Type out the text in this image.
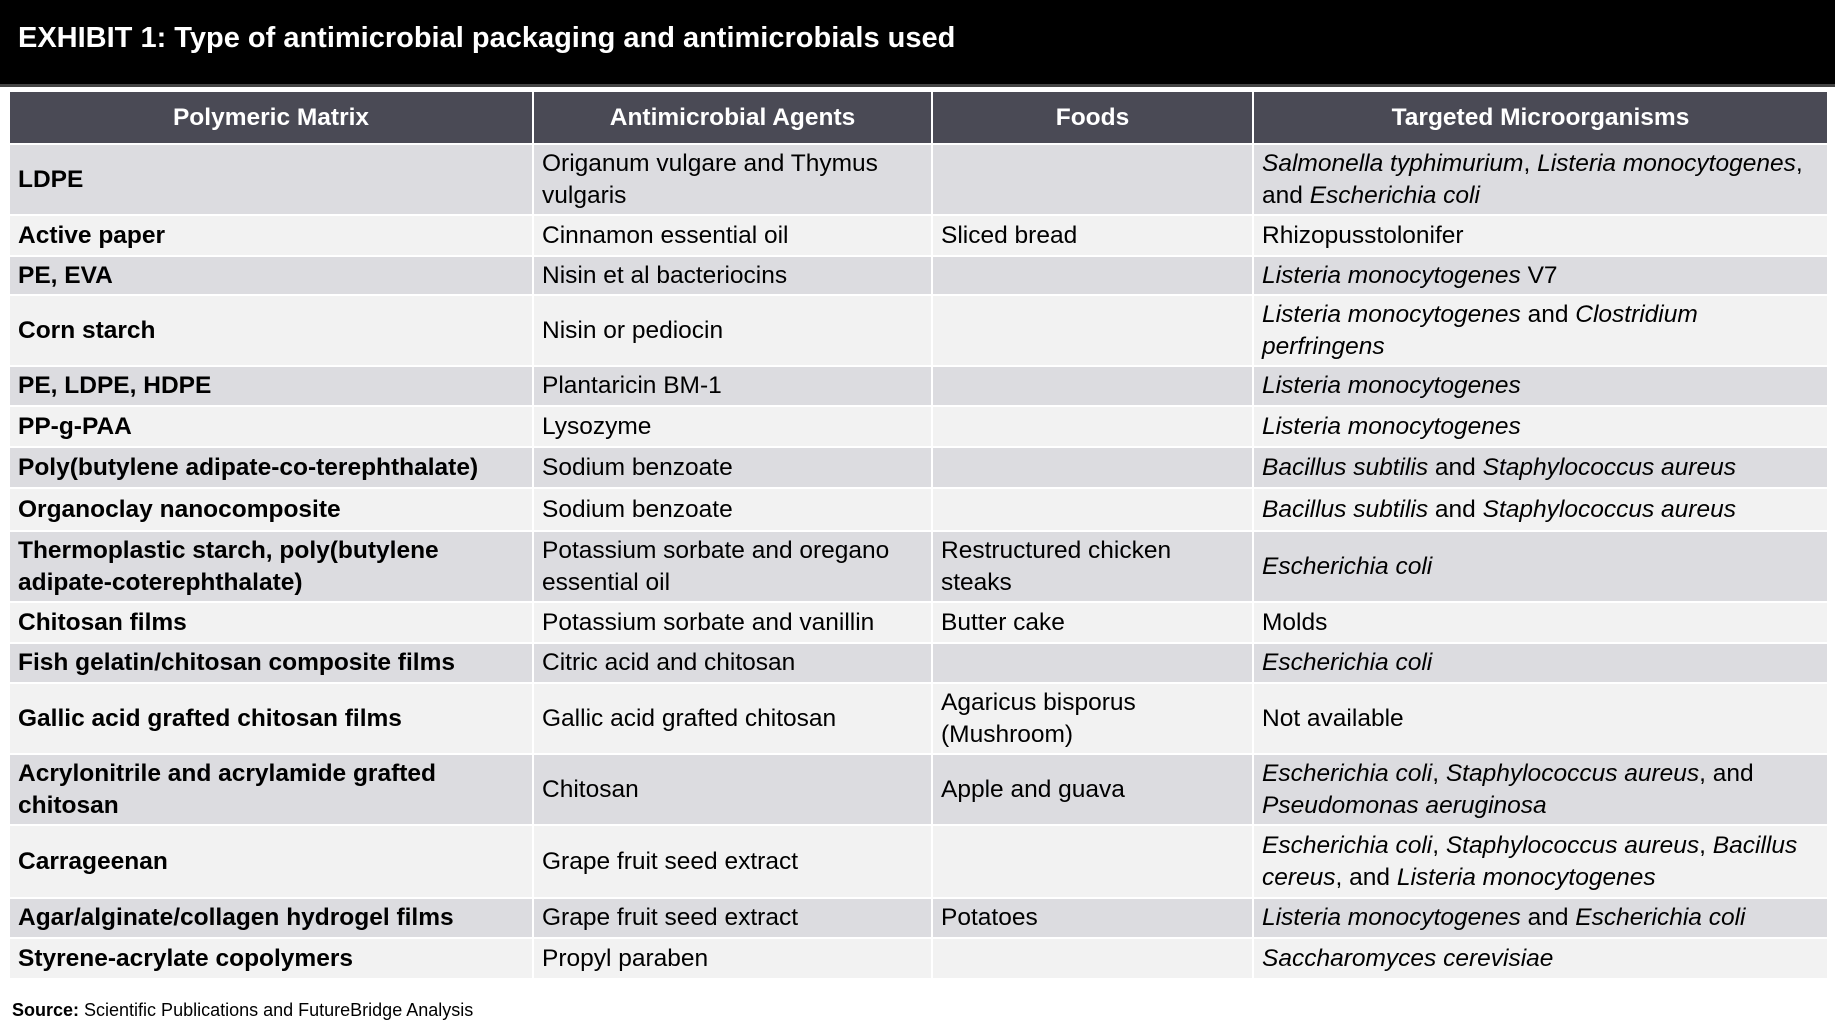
EXHIBIT 1: Type of antimicrobial packaging and antimicrobials used
Polymeric Matrix	Antimicrobial Agents	Foods	Targeted Microorganisms
LDPE	Origanum vulgare and Thymus vulgaris		Salmonella typhimurium, Listeria monocytogenes, and Escherichia coli
Active paper	Cinnamon essential oil	Sliced bread	Rhizopusstolonifer
PE, EVA	Nisin et al bacteriocins		Listeria monocytogenes V7
Corn starch	Nisin or pediocin		Listeria monocytogenes and Clostridium perfringens
PE, LDPE, HDPE	Plantaricin BM-1		Listeria monocytogenes
PP-g-PAA	Lysozyme		Listeria monocytogenes
Poly(butylene adipate-co-terephthalate)	Sodium benzoate		Bacillus subtilis and Staphylococcus aureus
Organoclay nanocomposite	Sodium benzoate		Bacillus subtilis and Staphylococcus aureus
Thermoplastic starch, poly(butylene adipate-coterephthalate)	Potassium sorbate and oregano essential oil	Restructured chicken steaks	Escherichia coli
Chitosan films	Potassium sorbate and vanillin	Butter cake	Molds
Fish gelatin/chitosan composite films	Citric acid and chitosan		Escherichia coli
Gallic acid grafted chitosan films	Gallic acid grafted chitosan	Agaricus bisporus (Mushroom)	Not available
Acrylonitrile and acrylamide grafted chitosan	Chitosan	Apple and guava	Escherichia coli, Staphylococcus aureus, and Pseudomonas aeruginosa
Carrageenan	Grape fruit seed extract		Escherichia coli, Staphylococcus aureus, Bacillus cereus, and Listeria monocytogenes
Agar/alginate/collagen hydrogel films	Grape fruit seed extract	Potatoes	Listeria monocytogenes and Escherichia coli
Styrene-acrylate copolymers	Propyl paraben		Saccharomyces cerevisiae
Source: Scientific Publications and FutureBridge Analysis
